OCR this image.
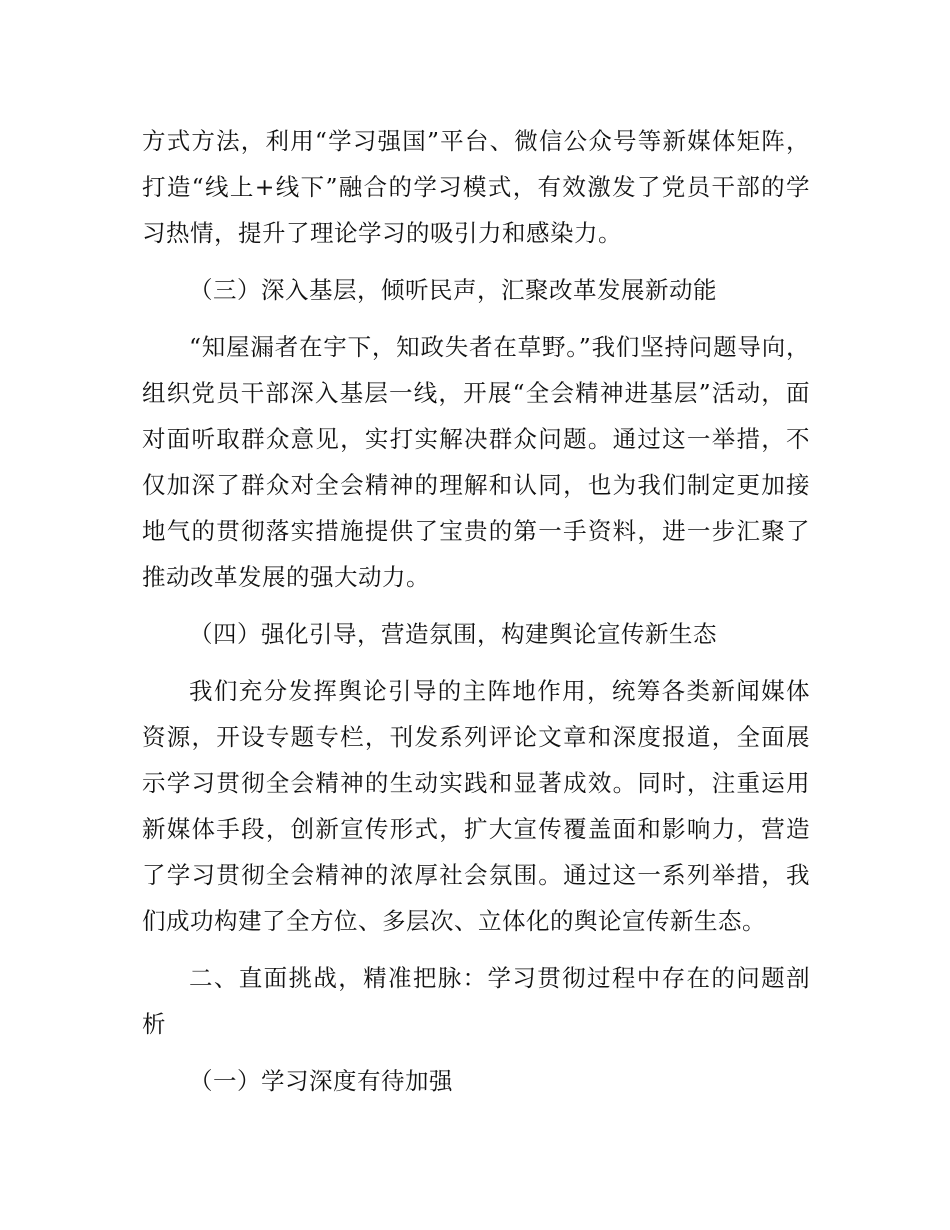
方式方法，利用“学习强国”平台、微信公众号等新媒体矩阵，打造“线上+线下”融合的学习模式，有效激发了党员干部的学习热情，提升了理论学习的吸引力和感染力。

（三）深入基层，倾听民声，汇聚改革发展新动能

“知屋漏者在宇下，知政失者在草野。”我们坚持问题导向，组织党员干部深入基层一线，开展“全会精神进基层”活动，面对面听取群众意见，实打实解决群众问题。通过这一举措，不仅加深了群众对全会精神的理解和认同，也为我们制定更加接地气的贯彻落实措施提供了宝贵的第一手资料，进一步汇聚了推动改革发展的强大动力。

（四）强化引导，营造氛围，构建舆论宣传新生态

我们充分发挥舆论引导的主阵地作用，统筹各类新闻媒体资源，开设专题专栏，刊发系列评论文章和深度报道，全面展示学习贯彻全会精神的生动实践和显著成效。同时，注重运用新媒体手段，创新宣传形式，扩大宣传覆盖面和影响力，营造了学习贯彻全会精神的浓厚社会氛围。通过这一系列举措，我们成功构建了全方位、多层次、立体化的舆论宣传新生态。

二、直面挑战，精准把脉：学习贯彻过程中存在的问题剖析

（一）学习深度有待加强
